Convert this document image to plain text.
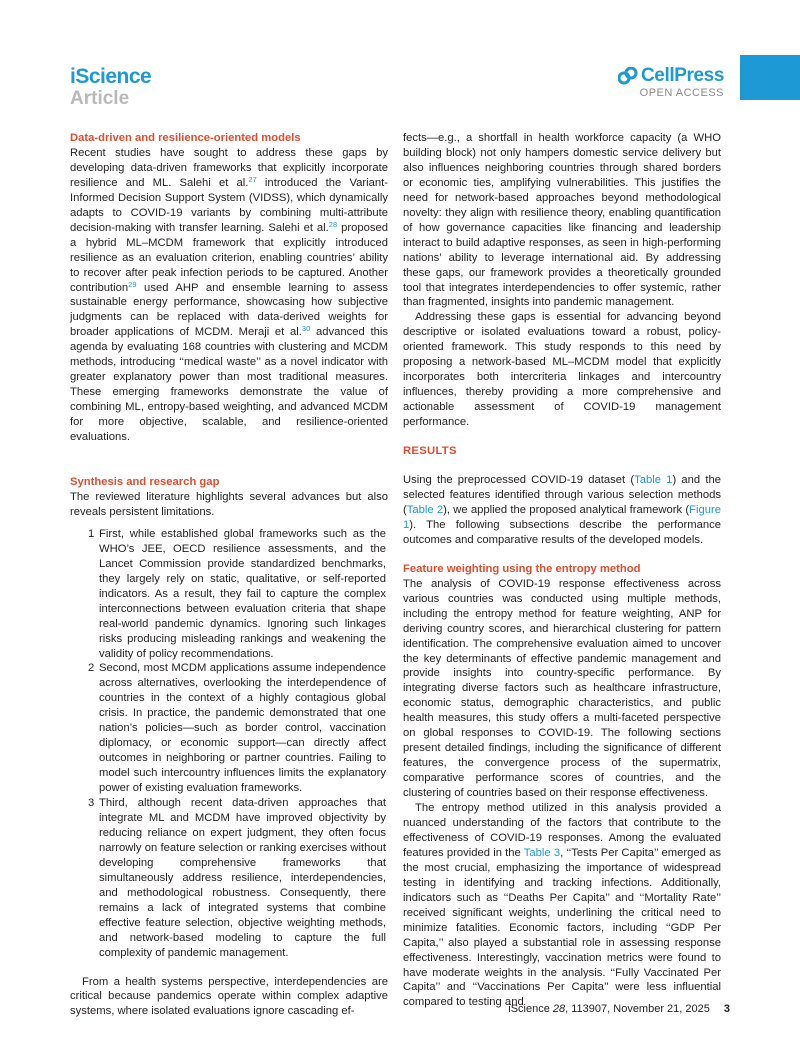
iScience
Article
CellPress
OPEN ACCESS
Data-driven and resilience-oriented models

Recent studies have sought to address these gaps by developing data-driven frameworks that explicitly incorporate resilience and ML. Salehi et al.$^{27}$ introduced the Variant-Informed Decision Support System (VIDSS), which dynamically adapts to COVID-19 variants by combining multi-attribute decision-making with transfer learning. Salehi et al.$^{28}$ proposed a hybrid ML–MCDM framework that explicitly introduced resilience as an evaluation criterion, enabling countries’ ability to recover after peak infection periods to be captured. Another contribution$^{29}$ used AHP and ensemble learning to assess sustainable energy performance, showcasing how subjective judgments can be replaced with data-derived weights for broader applications of MCDM. Meraji et al.$^{30}$ advanced this agenda by evaluating 168 countries with clustering and MCDM methods, introducing ‘‘medical waste’’ as a novel indicator with greater explanatory power than most traditional measures. These emerging frameworks demonstrate the value of combining ML, entropy-based weighting, and advanced MCDM for more objective, scalable, and resilience-oriented evaluations.

Synthesis and research gap

The reviewed literature highlights several advances but also reveals persistent limitations.

1 First, while established global frameworks such as the WHO’s JEE, OECD resilience assessments, and the Lancet Commission provide standardized benchmarks, they largely rely on static, qualitative, or self-reported indicators. As a result, they fail to capture the complex interconnections between evaluation criteria that shape real-world pandemic dynamics. Ignoring such linkages risks producing misleading rankings and weakening the validity of policy recommendations.
2 Second, most MCDM applications assume independence across alternatives, overlooking the interdependence of countries in the context of a highly contagious global crisis. In practice, the pandemic demonstrated that one nation’s policies—such as border control, vaccination diplomacy, or economic support—can directly affect outcomes in neighboring or partner countries. Failing to model such intercountry influences limits the explanatory power of existing evaluation frameworks.
3 Third, although recent data-driven approaches that integrate ML and MCDM have improved objectivity by reducing reliance on expert judgment, they often focus narrowly on feature selection or ranking exercises without developing comprehensive frameworks that simultaneously address resilience, interdependencies, and methodological robustness. Consequently, there remains a lack of integrated systems that combine effective feature selection, objective weighting methods, and network-based modeling to capture the full complexity of pandemic management.

From a health systems perspective, interdependencies are critical because pandemics operate within complex adaptive systems, where isolated evaluations ignore cascading ef-

fects—e.g., a shortfall in health workforce capacity (a WHO building block) not only hampers domestic service delivery but also influences neighboring countries through shared borders or economic ties, amplifying vulnerabilities. This justifies the need for network-based approaches beyond methodological novelty: they align with resilience theory, enabling quantification of how governance capacities like financing and leadership interact to build adaptive responses, as seen in high-performing nations’ ability to leverage international aid. By addressing these gaps, our framework provides a theoretically grounded tool that integrates interdependencies to offer systemic, rather than fragmented, insights into pandemic management.

Addressing these gaps is essential for advancing beyond descriptive or isolated evaluations toward a robust, policy-oriented framework. This study responds to this need by proposing a network-based ML–MCDM model that explicitly incorporates both intercriteria linkages and intercountry influences, thereby providing a more comprehensive and actionable assessment of COVID-19 management performance.

RESULTS

Using the preprocessed COVID-19 dataset (Table 1) and the selected features identified through various selection methods (Table 2), we applied the proposed analytical framework (Figure 1). The following subsections describe the performance outcomes and comparative results of the developed models.

Feature weighting using the entropy method

The analysis of COVID-19 response effectiveness across various countries was conducted using multiple methods, including the entropy method for feature weighting, ANP for deriving country scores, and hierarchical clustering for pattern identification. The comprehensive evaluation aimed to uncover the key determinants of effective pandemic management and provide insights into country-specific performance. By integrating diverse factors such as healthcare infrastructure, economic status, demographic characteristics, and public health measures, this study offers a multi-faceted perspective on global responses to COVID-19. The following sections present detailed findings, including the significance of different features, the convergence process of the supermatrix, comparative performance scores of countries, and the clustering of countries based on their response effectiveness.

The entropy method utilized in this analysis provided a nuanced understanding of the factors that contribute to the effectiveness of COVID-19 responses. Among the evaluated features provided in the Table 3, ‘‘Tests Per Capita’’ emerged as the most crucial, emphasizing the importance of widespread testing in identifying and tracking infections. Additionally, indicators such as ‘‘Deaths Per Capita’’ and ‘‘Mortality Rate’’ received significant weights, underlining the critical need to minimize fatalities. Economic factors, including ‘‘GDP Per Capita,’’ also played a substantial role in assessing response effectiveness. Interestingly, vaccination metrics were found to have moderate weights in the analysis. ‘‘Fully Vaccinated Per Capita’’ and ‘‘Vaccinations Per Capita’’ were less influential compared to testing and

iScience 28, 113907, November 21, 2025 3
